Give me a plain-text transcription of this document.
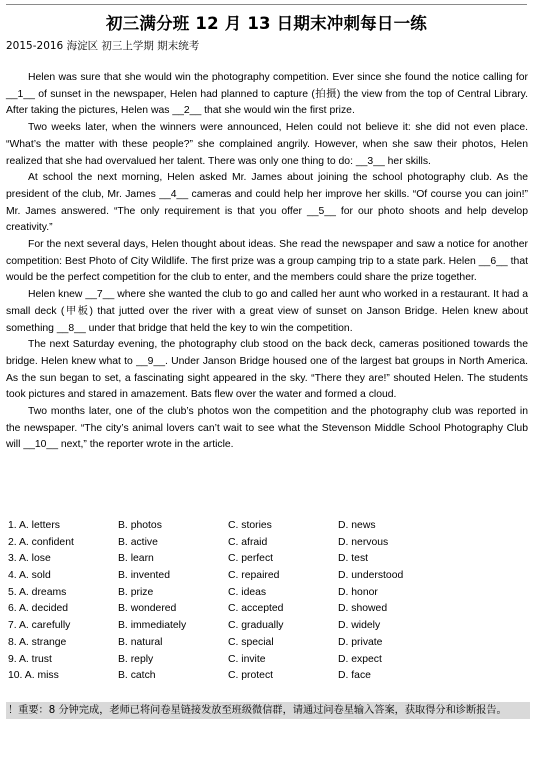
初三满分班 12 月 13 日期末冲刺每日一练
2015-2016 海淀区 初三上学期 期末统考

Helen was sure that she would win the photography competition. Ever since she found the notice calling for __1__ of sunset in the newspaper, Helen had planned to capture (拍摄) the view from the top of Central Library. After taking the pictures, Helen was __2__ that she would win the first prize.

Two weeks later, when the winners were announced, Helen could not believe it: she did not even place. “What’s the matter with these people?” she complained angrily. However, when she saw their photos, Helen realized that she had overvalued her talent. There was only one thing to do: __3__ her skills.

At school the next morning, Helen asked Mr. James about joining the school photography club. As the president of the club, Mr. James __4__ cameras and could help her improve her skills. “Of course you can join!” Mr. James answered. “The only requirement is that you offer __5__ for our photo shoots and help develop creativity.”

For the next several days, Helen thought about ideas. She read the newspaper and saw a notice for another competition: Best Photo of City Wildlife. The first prize was a group camping trip to a state park. Helen __6__ that would be the perfect competition for the club to enter, and the members could share the prize together.

Helen knew __7__ where she wanted the club to go and called her aunt who worked in a restaurant. It had a small deck (甲板) that jutted over the river with a great view of sunset on Janson Bridge. Helen knew about something __8__ under that bridge that held the key to win the competition.

The next Saturday evening, the photography club stood on the back deck, cameras positioned towards the bridge. Helen knew what to __9__. Under Janson Bridge housed one of the largest bat groups in North America. As the sun began to set, a fascinating sight appeared in the sky. “There they are!” shouted Helen. The students took pictures and stared in amazement. Bats flew over the water and formed a cloud.

Two months later, one of the club’s photos won the competition and the photography club was reported in the newspaper. “The city’s animal lovers can’t wait to see what the Stevenson Middle School Photography Club will __10__ next,” the reporter wrote in the article.

1. A. letters	B. photos	C. stories	D. news
2. A. confident	B. active	C. afraid	D. nervous
3. A. lose	B. learn	C. perfect	D. test
4. A. sold	B. invented	C. repaired	D. understood
5. A. dreams	B. prize	C. ideas	D. honor
6. A. decided	B. wondered	C. accepted	D. showed
7. A. carefully	B. immediately	C. gradually	D. widely
8. A. strange	B. natural	C. special	D. private
9. A. trust	B. reply	C. invite	D. expect
10. A. miss	B. catch	C. protect	D. face
！重要：8 分钟完成，老师已将问卷星链接发放至班级微信群，请通过问卷星输入答案，获取得分和诊断报告。
